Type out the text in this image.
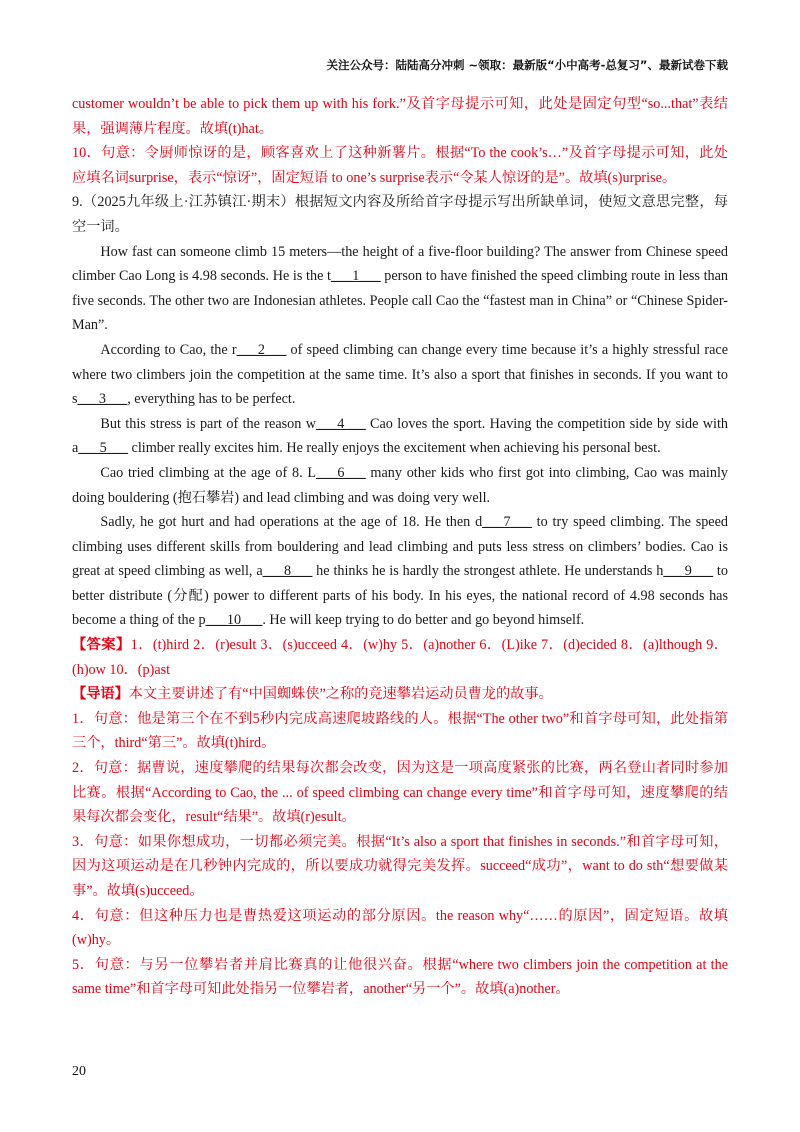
关注公众号：陆陆高分冲刺 ~领取：最新版“小中高考-总复习”、最新试卷下载

customer wouldn’t be able to pick them up with his fork.”及首字母提示可知，此处是固定句型“so...that”表结果，强调薄片程度。故填(t)hat。

10．句意：令厨师惊讶的是，顾客喜欢上了这种新薯片。根据“To the cook’s…”及首字母提示可知，此处应填名词surprise，表示“惊讶”，固定短语 to one’s surprise表示“令某人惊讶的是”。故填(s)urprise。

9.（2025九年级上·江苏镇江·期末）根据短文内容及所给首字母提示写出所缺单词，使短文意思完整，每空一词。

How fast can someone climb 15 meters—the height of a five-floor building? The answer from Chinese speed climber Cao Long is 4.98 seconds. He is the t___1___ person to have finished the speed climbing route in less than five seconds. The other two are Indonesian athletes. People call Cao the “fastest man in China” or “Chinese Spider-Man”.

According to Cao, the r___2___ of speed climbing can change every time because it’s a highly stressful race where two climbers join the competition at the same time. It’s also a sport that finishes in seconds. If you want to s___3___, everything has to be perfect.

But this stress is part of the reason w___4___ Cao loves the sport. Having the competition side by side with a___5___ climber really excites him. He really enjoys the excitement when achieving his personal best.

Cao tried climbing at the age of 8. L___6___ many other kids who first got into climbing, Cao was mainly doing bouldering (抱石攀岩) and lead climbing and was doing very well.

Sadly, he got hurt and had operations at the age of 18. He then d___7___ to try speed climbing. The speed climbing uses different skills from bouldering and lead climbing and puts less stress on climbers’ bodies. Cao is great at speed climbing as well, a___8___ he thinks he is hardly the strongest athlete. He understands h___9___ to better distribute (分配) power to different parts of his body. In his eyes, the national record of 4.98 seconds has become a thing of the p___10___. He will keep trying to do better and go beyond himself.

【答案】1．(t)hird 2．(r)esult 3．(s)ucceed 4．(w)hy 5．(a)nother 6．(L)ike 7．(d)ecided 8．(a)lthough 9．(h)ow 10．(p)ast

【导语】本文主要讲述了有“中国蜘蛛侠”之称的竞速攀岩运动员曹龙的故事。

1．句意：他是第三个在不到5秒内完成高速爬坡路线的人。根据“The other two”和首字母可知，此处指第三个，third“第三”。故填(t)hird。

2．句意：据曹说，速度攀爬的结果每次都会改变，因为这是一项高度紧张的比赛，两名登山者同时参加比赛。根据“According to Cao, the ... of speed climbing can change every time”和首字母可知，速度攀爬的结果每次都会变化，result“结果”。故填(r)esult。

3．句意：如果你想成功，一切都必须完美。根据“It’s also a sport that finishes in seconds.”和首字母可知，因为这项运动是在几秒钟内完成的，所以要成功就得完美发挥。succeed“成功”，want to do sth“想要做某事”。故填(s)ucceed。

4．句意：但这种压力也是曹热爱这项运动的部分原因。the reason why“……的原因”，固定短语。故填(w)hy。

5．句意：与另一位攀岩者并肩比赛真的让他很兴奋。根据“where two climbers join the competition at the same time”和首字母可知此处指另一位攀岩者，another“另一个”。故填(a)nother。

20
